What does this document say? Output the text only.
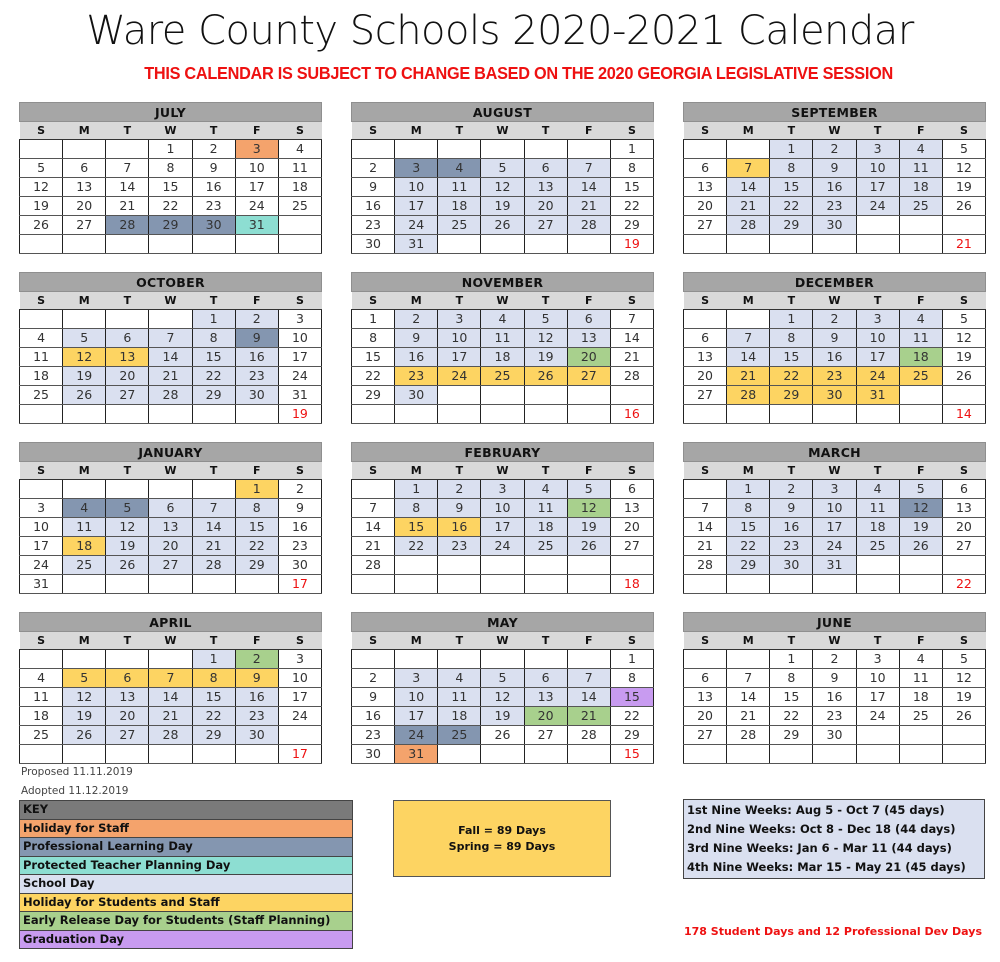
Ware County Schools 2020-2021 Calendar
THIS CALENDAR IS SUBJECT TO CHANGE BASED ON THE 2020 GEORGIA LEGISLATIVE SESSION
JULY						
S	M	T	W	T	F	S
			1	2	3	4
5	6	7	8	9	10	11
12	13	14	15	16	17	18
19	20	21	22	23	24	25
26	27	28	29	30	31	

AUGUST						
S	M	T	W	T	F	S
						1
2	3	4	5	6	7	8
9	10	11	12	13	14	15
16	17	18	19	20	21	22
23	24	25	26	27	28	29
30	31					19
SEPTEMBER						
S	M	T	W	T	F	S
		1	2	3	4	5
6	7	8	9	10	11	12
13	14	15	16	17	18	19
20	21	22	23	24	25	26
27	28	29	30			
						21
OCTOBER						
S	M	T	W	T	F	S
				1	2	3
4	5	6	7	8	9	10
11	12	13	14	15	16	17
18	19	20	21	22	23	24
25	26	27	28	29	30	31
						19
NOVEMBER						
S	M	T	W	T	F	S
1	2	3	4	5	6	7
8	9	10	11	12	13	14
15	16	17	18	19	20	21
22	23	24	25	26	27	28
29	30					
						16
DECEMBER						
S	M	T	W	T	F	S
		1	2	3	4	5
6	7	8	9	10	11	12
13	14	15	16	17	18	19
20	21	22	23	24	25	26
27	28	29	30	31		
						14
JANUARY						
S	M	T	W	T	F	S
					1	2
3	4	5	6	7	8	9
10	11	12	13	14	15	16
17	18	19	20	21	22	23
24	25	26	27	28	29	30
31						17
FEBRUARY						
S	M	T	W	T	F	S
	1	2	3	4	5	6
7	8	9	10	11	12	13
14	15	16	17	18	19	20
21	22	23	24	25	26	27
28						
						18
MARCH						
S	M	T	W	T	F	S
	1	2	3	4	5	6
7	8	9	10	11	12	13
14	15	16	17	18	19	20
21	22	23	24	25	26	27
28	29	30	31			
						22
APRIL						
S	M	T	W	T	F	S
				1	2	3
4	5	6	7	8	9	10
11	12	13	14	15	16	17
18	19	20	21	22	23	24
25	26	27	28	29	30	
						17
MAY						
S	M	T	W	T	F	S
						1
2	3	4	5	6	7	8
9	10	11	12	13	14	15
16	17	18	19	20	21	22
23	24	25	26	27	28	29
30	31					15
JUNE						
S	M	T	W	T	F	S
		1	2	3	4	5
6	7	8	9	10	11	12
13	14	15	16	17	18	19
20	21	22	23	24	25	26
27	28	29	30			

Proposed 11.11.2019
Adopted 11.12.2019
KEY
Holiday for Staff
Professional Learning Day
Protected Teacher Planning Day
School Day
Holiday for Students and Staff
Early Release Day for Students (Staff Planning)
Graduation Day
Fall = 89 Days
Spring = 89 Days
1st Nine Weeks: Aug 5 - Oct 7 (45 days)
2nd Nine Weeks: Oct 8 - Dec 18 (44 days)
3rd Nine Weeks: Jan 6 - Mar 11 (44 days)
4th Nine Weeks: Mar 15 - May 21 (45 days)
178 Student Days and 12 Professional Dev Days
